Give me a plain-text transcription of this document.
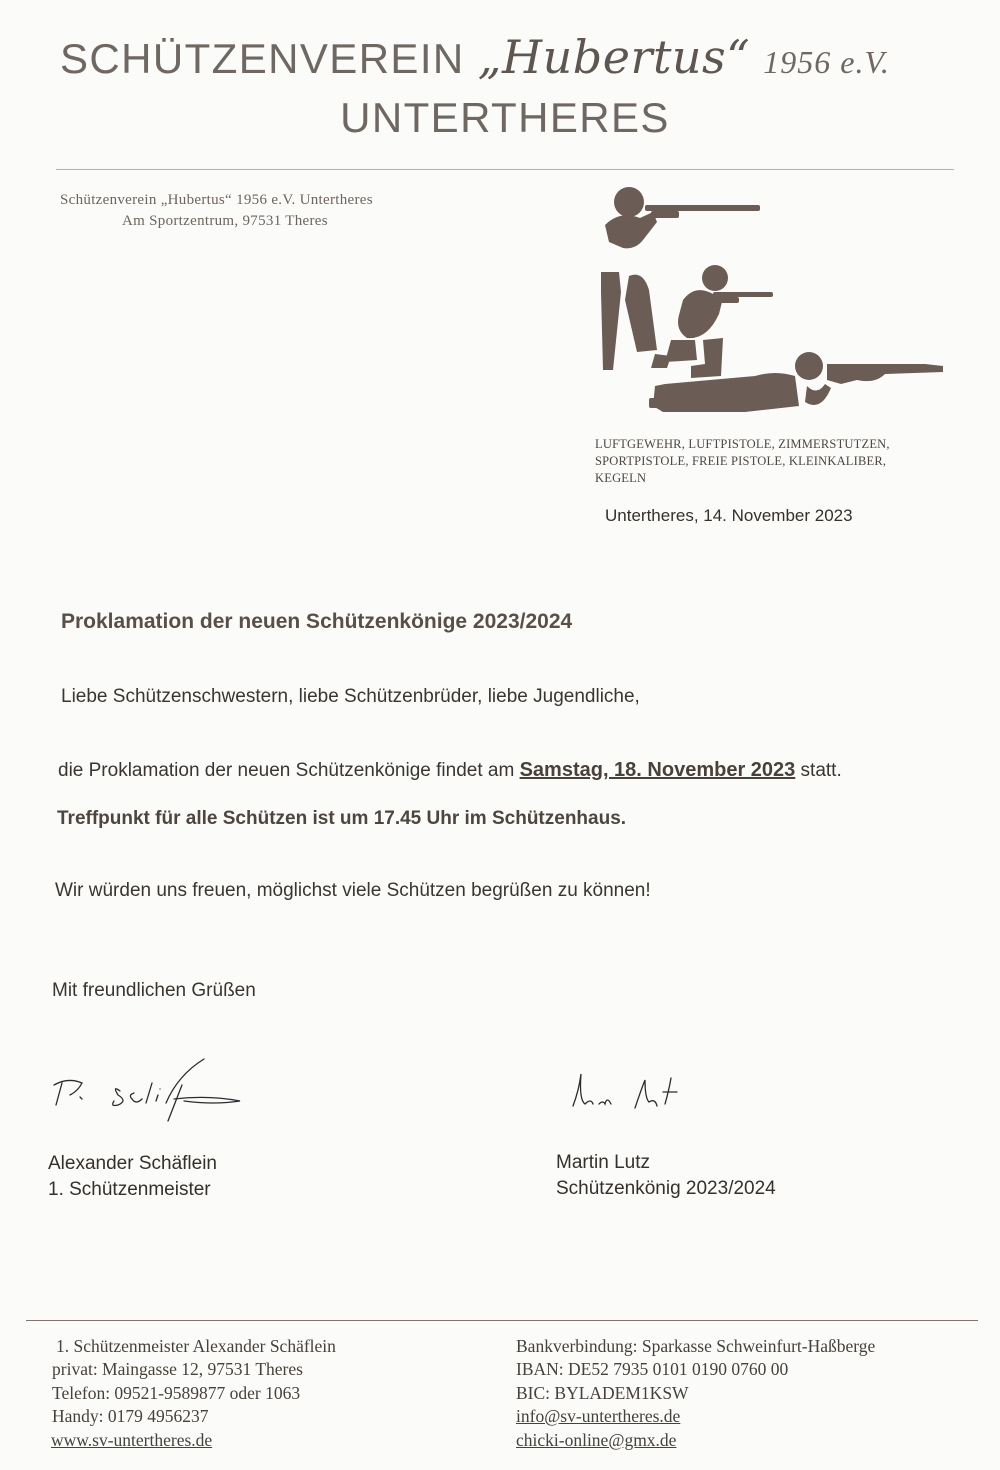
SCHÜTZENVEREIN „Hubertus“ 1956 e.V.
UNTERTHERES
Schützenverein „Hubertus“ 1956 e.V. Untertheres
Am Sportzentrum, 97531 Theres
LUFTGEWEHR, LUFTPISTOLE, ZIMMERSTUTZEN,
SPORTPISTOLE, FREIE PISTOLE, KLEINKALIBER,
KEGELN
Untertheres, 14. November 2023
Proklamation der neuen Schützenkönige 2023/2024
Liebe Schützenschwestern, liebe Schützenbrüder, liebe Jugendliche,
die Proklamation der neuen Schützenkönige findet am Samstag, 18. November 2023 statt.
Treffpunkt für alle Schützen ist um 17.45 Uhr im Schützenhaus.
Wir würden uns freuen, möglichst viele Schützen begrüßen zu können!
Mit freundlichen Grüßen
Alexander Schäflein
1. Schützenmeister
Martin Lutz
Schützenkönig 2023/2024
1. Schützenmeister Alexander Schäflein
privat: Maingasse 12, 97531 Theres
Telefon: 09521-9589877 oder 1063
Handy: 0179 4956237
www.sv-untertheres.de
Bankverbindung: Sparkasse Schweinfurt-Haßberge
IBAN: DE52 7935 0101 0190 0760 00
BIC: BYLADEM1KSW
info@sv-untertheres.de
chicki-online@gmx.de
